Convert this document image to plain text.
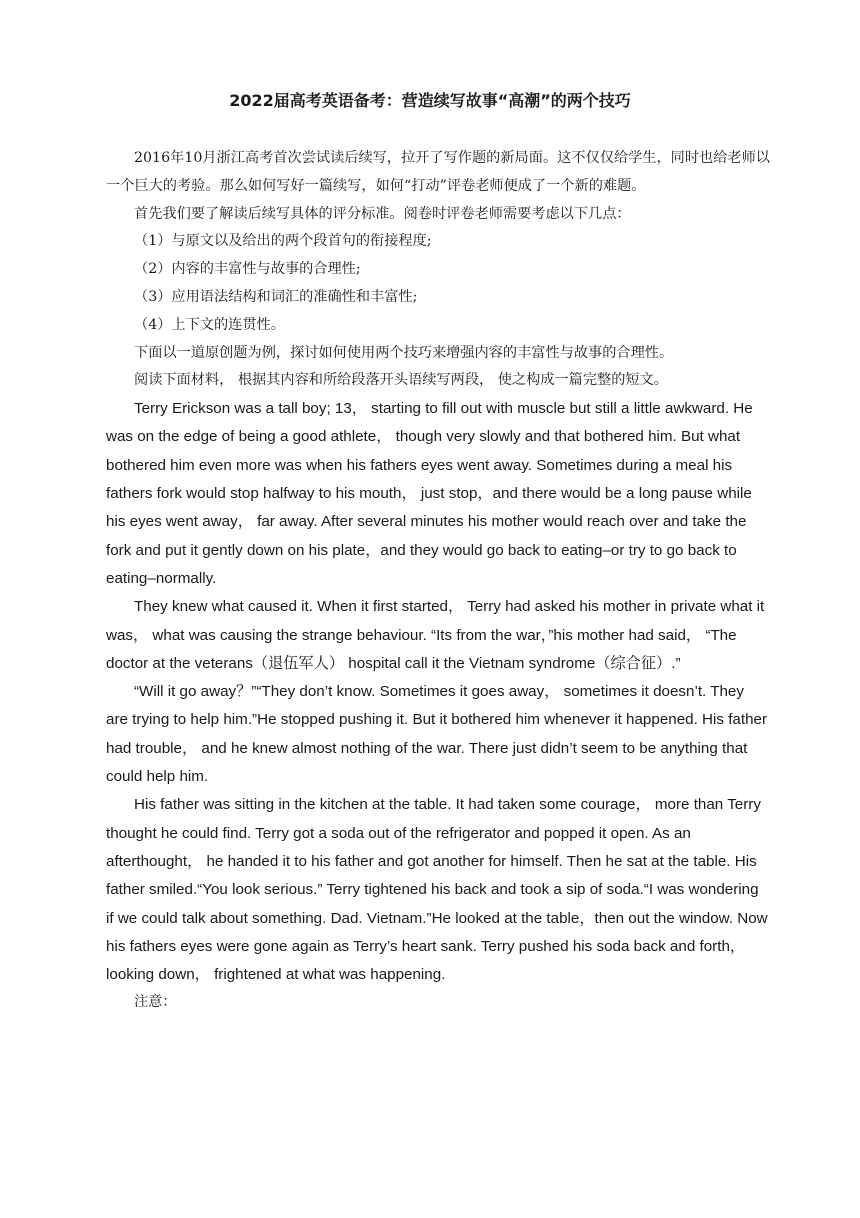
2022届高考英语备考：营造续写故事“高潮”的两个技巧

2016年10月浙江高考首次尝试读后续写，拉开了写作题的新局面。这不仅仅给学生，同时也给老师以一个巨大的考验。那么如何写好一篇续写，如何“打动”评卷老师便成了一个新的难题。

首先我们要了解读后续写具体的评分标准。阅卷时评卷老师需要考虑以下几点：

（1）与原文以及给出的两个段首句的衔接程度;

（2）内容的丰富性与故事的合理性;

（3）应用语法结构和词汇的准确性和丰富性;

（4）上下文的连贯性。

下面以一道原创题为例，探讨如何使用两个技巧来增强内容的丰富性与故事的合理性。

阅读下面材料， 根据其内容和所给段落开头语续写两段， 使之构成一篇完整的短文。

Terry Erickson was a tall boy; 13， starting to fill out with muscle but still a little awkward. He was on the edge of being a good athlete， though very slowly and that bothered him. But what bothered him even more was when his fathers eyes went away. Sometimes during a meal his fathers fork would stop halfway to his mouth， just stop，and there would be a long pause while his eyes went away， far away. After several minutes his mother would reach over and take the fork and put it gently down on his plate，and they would go back to eating–or try to go back to eating–normally.

They knew what caused it. When it first started， Terry had asked his mother in private what it was， what was causing the strange behaviour. “Its from the war，”his mother had said， “The doctor at the veterans（退伍军人） hospital call it the Vietnam syndrome（综合征）.”

“Will it go away？”“They don’t know. Sometimes it goes away， sometimes it doesn’t. They are trying to help him.”He stopped pushing it. But it bothered him whenever it happened. His father had trouble， and he knew almost nothing of the war. There just didn’t seem to be anything that could help him.

His father was sitting in the kitchen at the table. It had taken some courage， more than Terry thought he could find. Terry got a soda out of the refrigerator and popped it open. As an afterthought， he handed it to his father and got another for himself. Then he sat at the table. His father smiled.“You look serious.” Terry tightened his back and took a sip of soda.“I was wondering if we could talk about something. Dad. Vietnam.”He looked at the table，then out the window. Now his fathers eyes were gone again as Terry’s heart sank. Terry pushed his soda back and forth， looking down， frightened at what was happening.

注意：
